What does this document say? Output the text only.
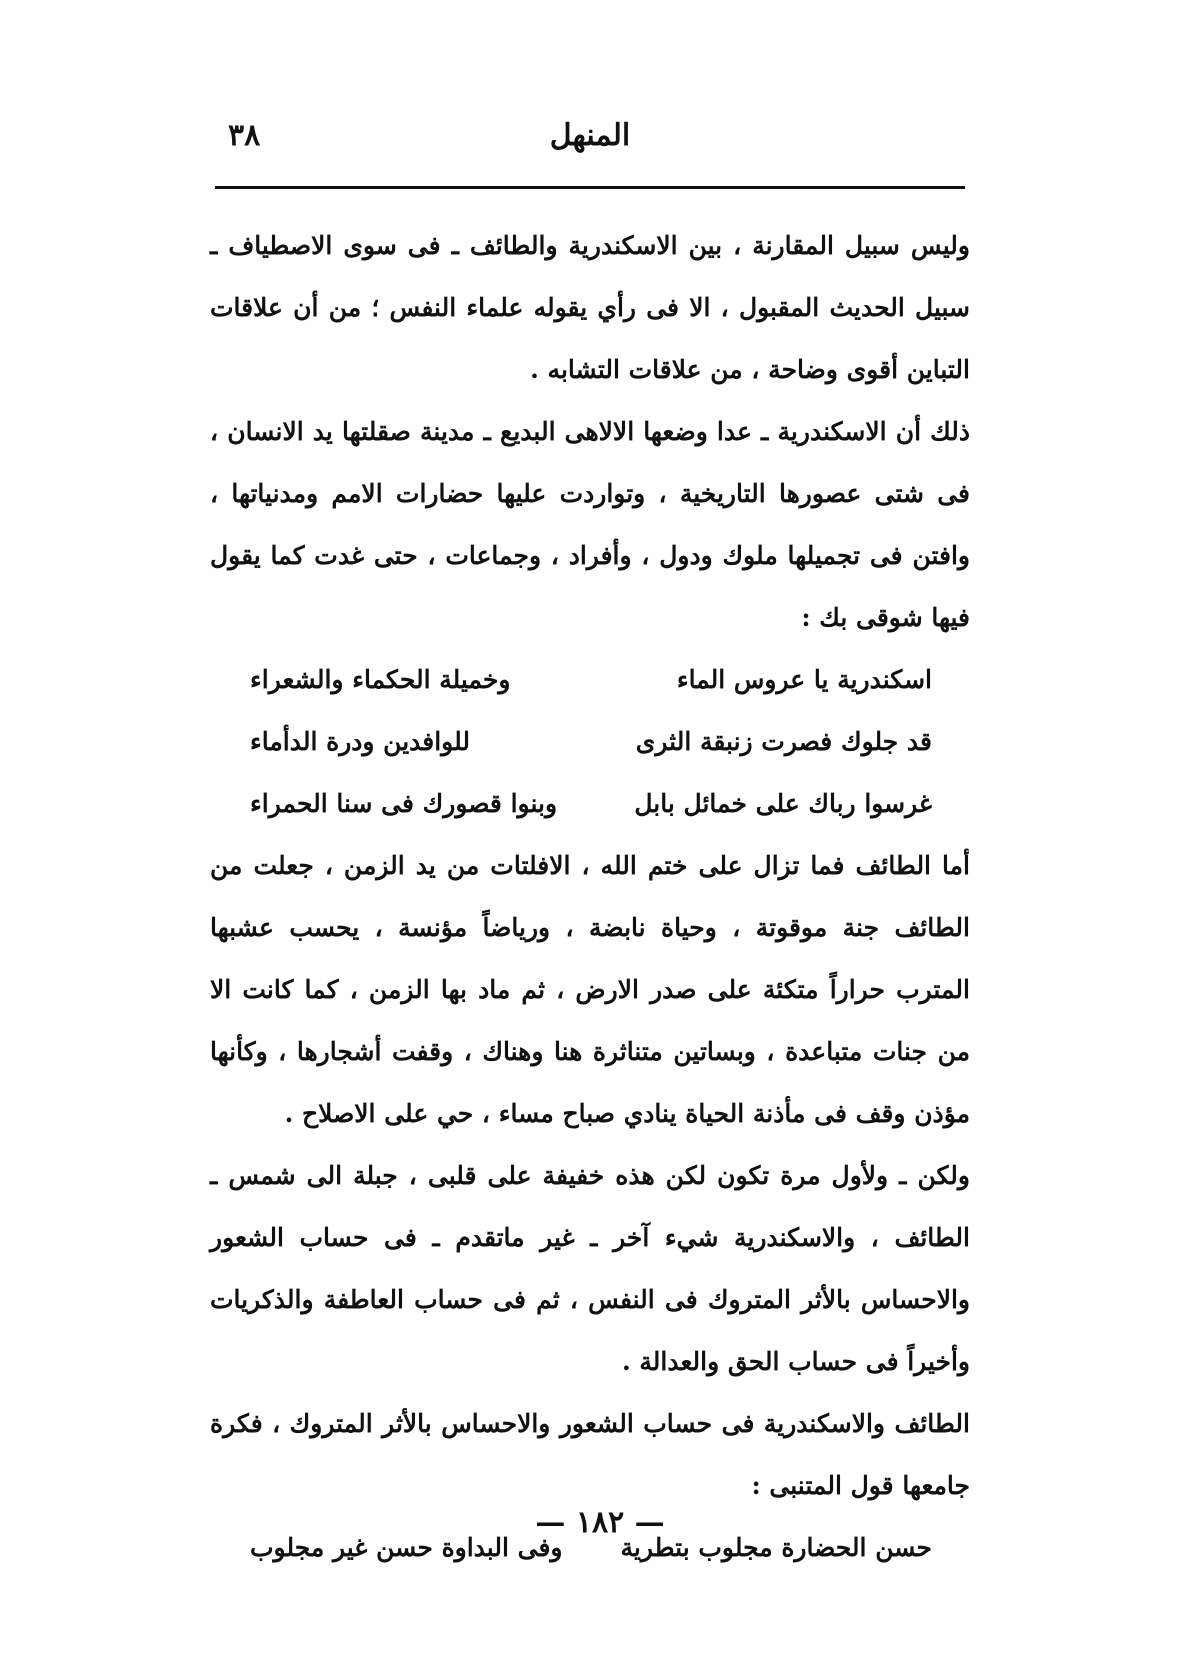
٣٨	المنهل

وليس سبيل المقارنة ، بين الاسكندرية والطائف ـ فى سوى الاصطياف ـ سبيل الحديث المقبول ، الا فى رأي يقوله علماء النفس ؛ من أن علاقات التباين أقوى وضاحة ، من علاقات التشابه .

ذلك أن الاسكندرية ـ عدا وضعها الالاهى البديع ـ مدينة صقلتها يد الانسان ، فى شتى عصورها التاريخية ، وتواردت عليها حضارات الامم ومدنياتها ، وافتن فى تجميلها ملوك ودول ، وأفراد ، وجماعات ، حتى غدت كما يقول فيها شوقى بك :

اسكندرية يا عروس الماء
وخميلة الحكماء والشعراء
قد جلوك فصرت زنبقة الثرى
للوافدين ودرة الدأماء
غرسوا رباك على خمائل بابل
وبنوا قصورك فى سنا الحمراء

أما الطائف فما تزال على ختم الله ، الافلتات من يد الزمن ، جعلت من الطائف جنة موقوتة ، وحياة نابضة ، ورياضاً مؤنسة ، يحسب عشبها المترب حراراً متكئة على صدر الارض ، ثم ماد بها الزمن ، كما كانت الا من جنات متباعدة ، وبساتين متناثرة هنا وهناك ، وقفت أشجارها ، وكأنها مؤذن وقف فى مأذنة الحياة ينادي صباح مساء ، حي على الاصلاح .

ولكن ـ ولأول مرة تكون لكن هذه خفيفة على قلبى ، جبلة الى شمس ـ الطائف ، والاسكندرية شيء آخر ـ غير ماتقدم ـ فى حساب الشعور والاحساس بالأثر المتروك فى النفس ، ثم فى حساب العاطفة والذكريات وأخيراً فى حساب الحق والعدالة .

الطائف والاسكندرية فى حساب الشعور والاحساس بالأثر المتروك ، فكرة جامعها قول المتنبى :

حسن الحضارة مجلوب بتطرية
وفى البداوة حسن غير مجلوب
— ١٨٢ —
